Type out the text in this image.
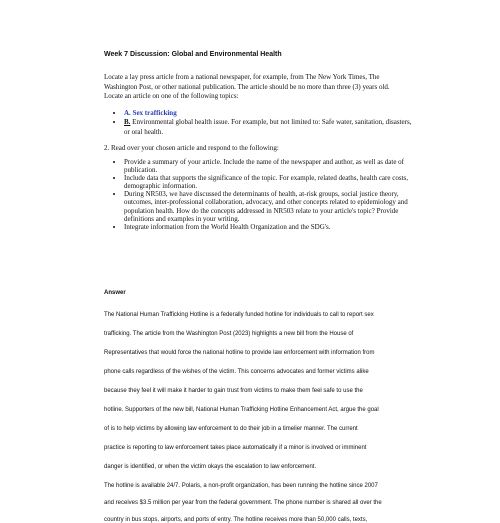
Week 7 Discussion: Global and Environmental Health
Locate a lay press article from a national newspaper, for example, from The New York Times, The Washington Post, or other national publication. The article should be no more than three (3) years old. Locate an article on one of the following topics:
• A. Sex trafficking
• B. Environmental global health issue. For example, but not limited to: Safe water, sanitation, disasters, or oral health.
2. Read over your chosen article and respond to the following:
• Provide a summary of your article. Include the name of the newspaper and author, as well as date of publication.
• Include data that supports the significance of the topic. For example, related deaths, health care costs, demographic information.
• During NR503, we have discussed the determinants of health, at-risk groups, social justice theory, outcomes, inter-professional collaboration, advocacy, and other concepts related to epidemiology and population health. How do the concepts addressed in NR503 relate to your article's topic? Provide definitions and examples in your writing.
• Integrate information from the World Health Organization and the SDG's.
Answer
The National Human Trafficking Hotline is a federally funded hotline for individuals to call to report sex
trafficking. The article from the Washington Post (2023) highlights a new bill from the House of
Representatives that would force the national hotline to provide law enforcement with information from
phone calls regardless of the wishes of the victim. This concerns advocates and former victims alike
because they feel it will make it harder to gain trust from victims to make them feel safe to use the
hotline. Supporters of the new bill, National Human Trafficking Hotline Enhancement Act, argue the goal
of is to help victims by allowing law enforcement to do their job in a timelier manner. The current
practice is reporting to law enforcement takes place automatically if a minor is involved or imminent
danger is identified, or when the victim okays the escalation to law enforcement.
The hotline is available 24/7. Polaris, a non-profit organization, has been running the hotline since 2007
and receives $3.5 million per year from the federal government. The phone number is shared all over the
country in bus stops, airports, and ports of entry. The hotline receives more than 50,000 calls, texts,
